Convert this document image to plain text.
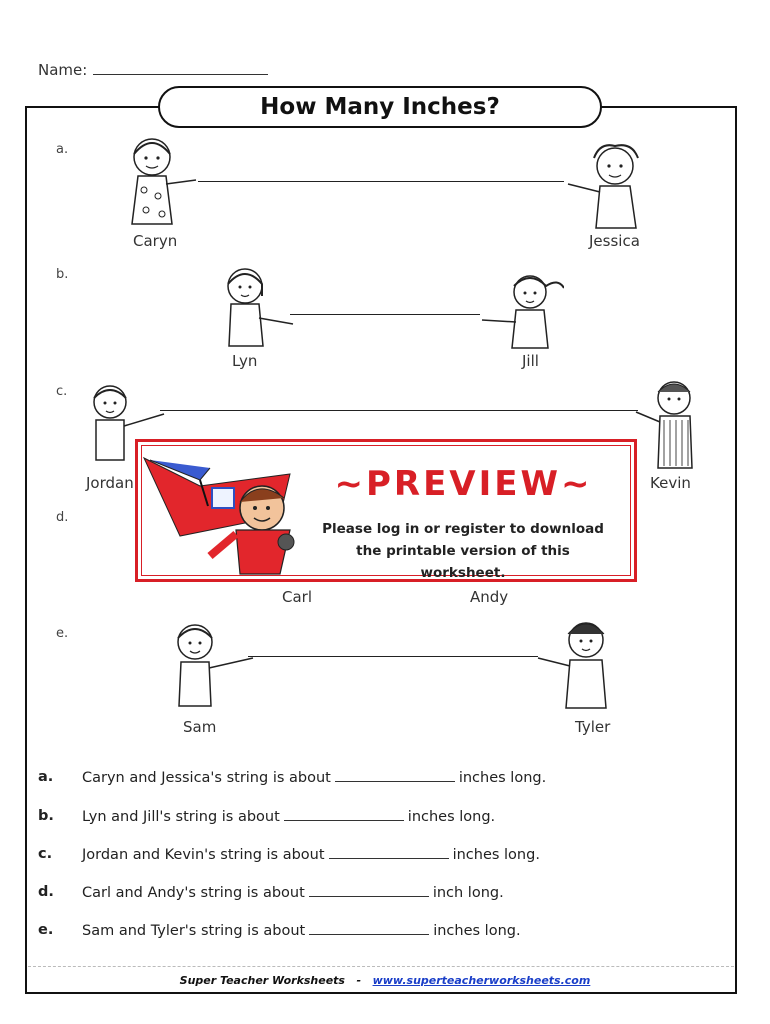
Name:
How Many Inches?
a.
Caryn	Jessica
b.
Lyn	Jill
c.
Jordan	Kevin
d.
Carl	Andy
e.
Sam	Tyler
~PREVIEW~
Please log in or register to download
the printable version of this worksheet.
a. Caryn and Jessica's string is about	inches long.
b. Lyn and Jill's string is about	inches long.
c. Jordan and Kevin's string is about	inches long.
d. Carl and Andy's string is about	inch long.
e. Sam and Tyler's string is about	inches long.
Super Teacher Worksheets - www.superteacherworksheets.com
